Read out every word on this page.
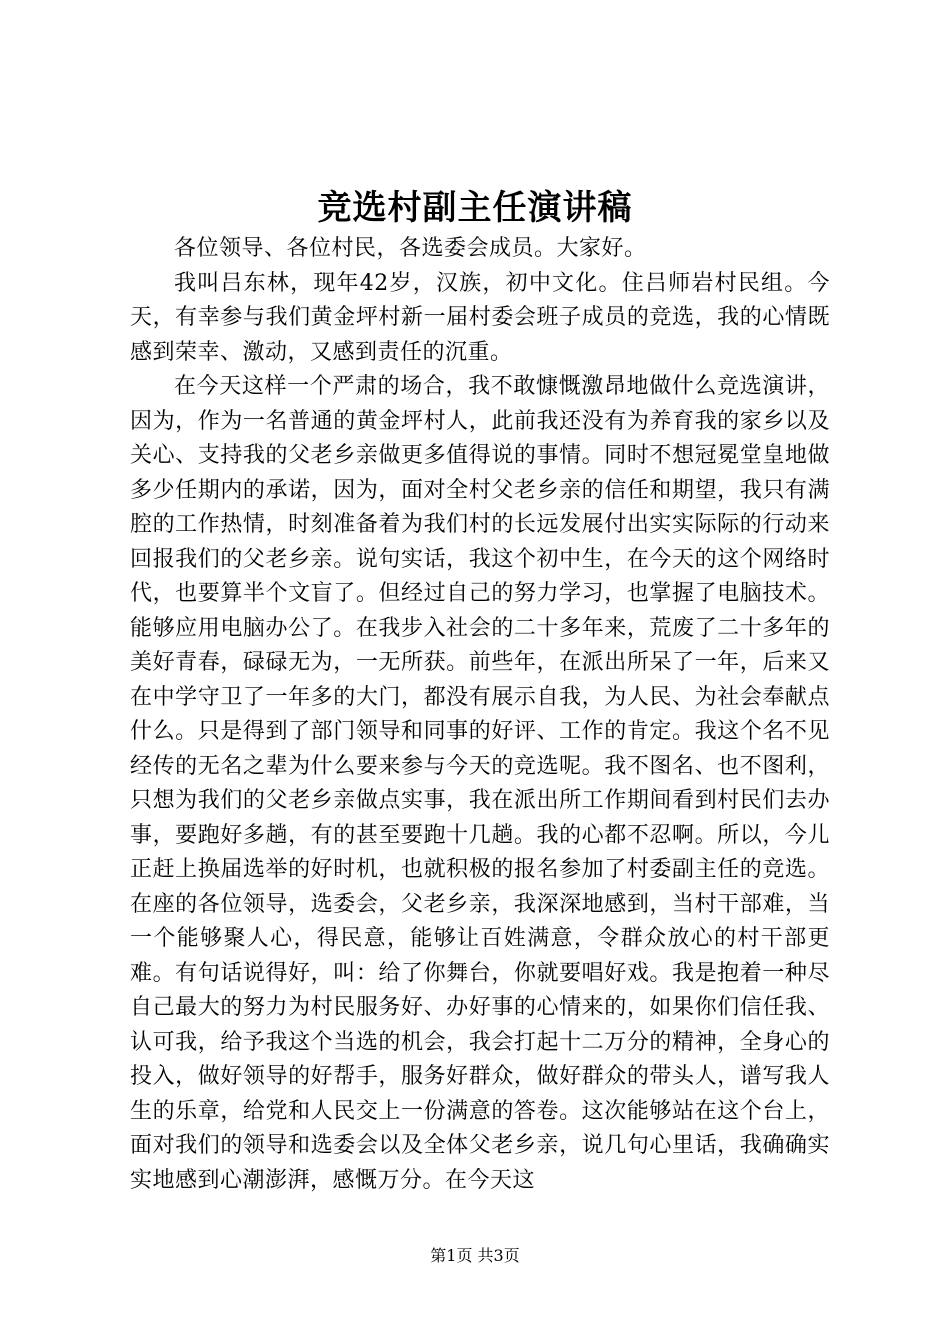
竞选村副主任演讲稿

各位领导、各位村民，各选委会成员。大家好。

我叫吕东林，现年42岁，汉族，初中文化。住吕师岩村民组。今天，有幸参与我们黄金坪村新一届村委会班子成员的竞选，我的心情既感到荣幸、激动，又感到责任的沉重。

在今天这样一个严肃的场合，我不敢慷慨激昂地做什么竞选演讲，因为，作为一名普通的黄金坪村人，此前我还没有为养育我的家乡以及关心、支持我的父老乡亲做更多值得说的事情。同时不想冠冕堂皇地做多少任期内的承诺，因为，面对全村父老乡亲的信任和期望，我只有满腔的工作热情，时刻准备着为我们村的长远发展付出实实际际的行动来回报我们的父老乡亲。说句实话，我这个初中生，在今天的这个网络时代，也要算半个文盲了。但经过自己的努力学习，也掌握了电脑技术。能够应用电脑办公了。在我步入社会的二十多年来，荒废了二十多年的美好青春，碌碌无为，一无所获。前些年，在派出所呆了一年，后来又在中学守卫了一年多的大门，都没有展示自我，为人民、为社会奉献点什么。只是得到了部门领导和同事的好评、工作的肯定。我这个名不见经传的无名之辈为什么要来参与今天的竞选呢。我不图名、也不图利，只想为我们的父老乡亲做点实事，我在派出所工作期间看到村民们去办事，要跑好多趟，有的甚至要跑十几趟。我的心都不忍啊。所以，今儿正赶上换届选举的好时机，也就积极的报名参加了村委副主任的竞选。在座的各位领导，选委会，父老乡亲，我深深地感到，当村干部难，当一个能够聚人心，得民意，能够让百姓满意，令群众放心的村干部更难。有句话说得好，叫：给了你舞台，你就要唱好戏。我是抱着一种尽自己最大的努力为村民服务好、办好事的心情来的，如果你们信任我、认可我，给予我这个当选的机会，我会打起十二万分的精神，全身心的投入，做好领导的好帮手，服务好群众，做好群众的带头人，谱写我人生的乐章，给党和人民交上一份满意的答卷。这次能够站在这个台上，面对我们的领导和选委会以及全体父老乡亲，说几句心里话，我确确实实地感到心潮澎湃，感慨万分。在今天这

第1页 共3页
